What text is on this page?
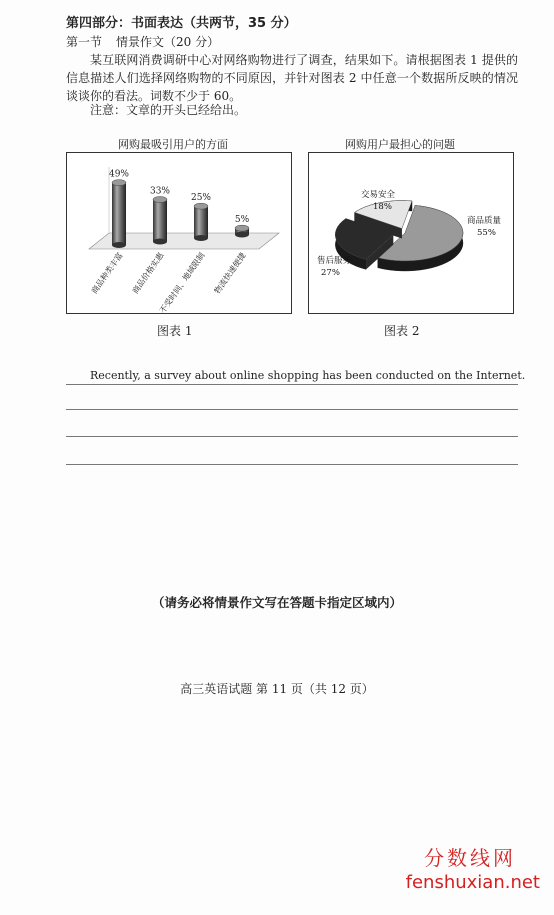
第四部分：书面表达（共两节，35 分）
第一节 情景作文（20 分）
某互联网消费调研中心对网络购物进行了调查，结果如下。请根据图表 1 提供的信息描述人们选择网络购物的不同原因，并针对图表 2 中任意一个数据所反映的情况谈谈你的看法。词数不少于 60。
注意：文章的开头已经给出。
网购最吸引用户的方面
49%
商品种类丰富
33%
商品价格实惠
25%
不受时间、地域限制
5%
物流快速便捷
图表 1
网购用户最担心的问题
商品质量
55%
售后服务
27%
交易安全
18%
图表 2
Recently, a survey about online shopping has been conducted on the Internet.
（请务必将情景作文写在答题卡指定区域内）
高三英语试题 第 11 页（共 12 页）
分数线网
fenshuxian.net
